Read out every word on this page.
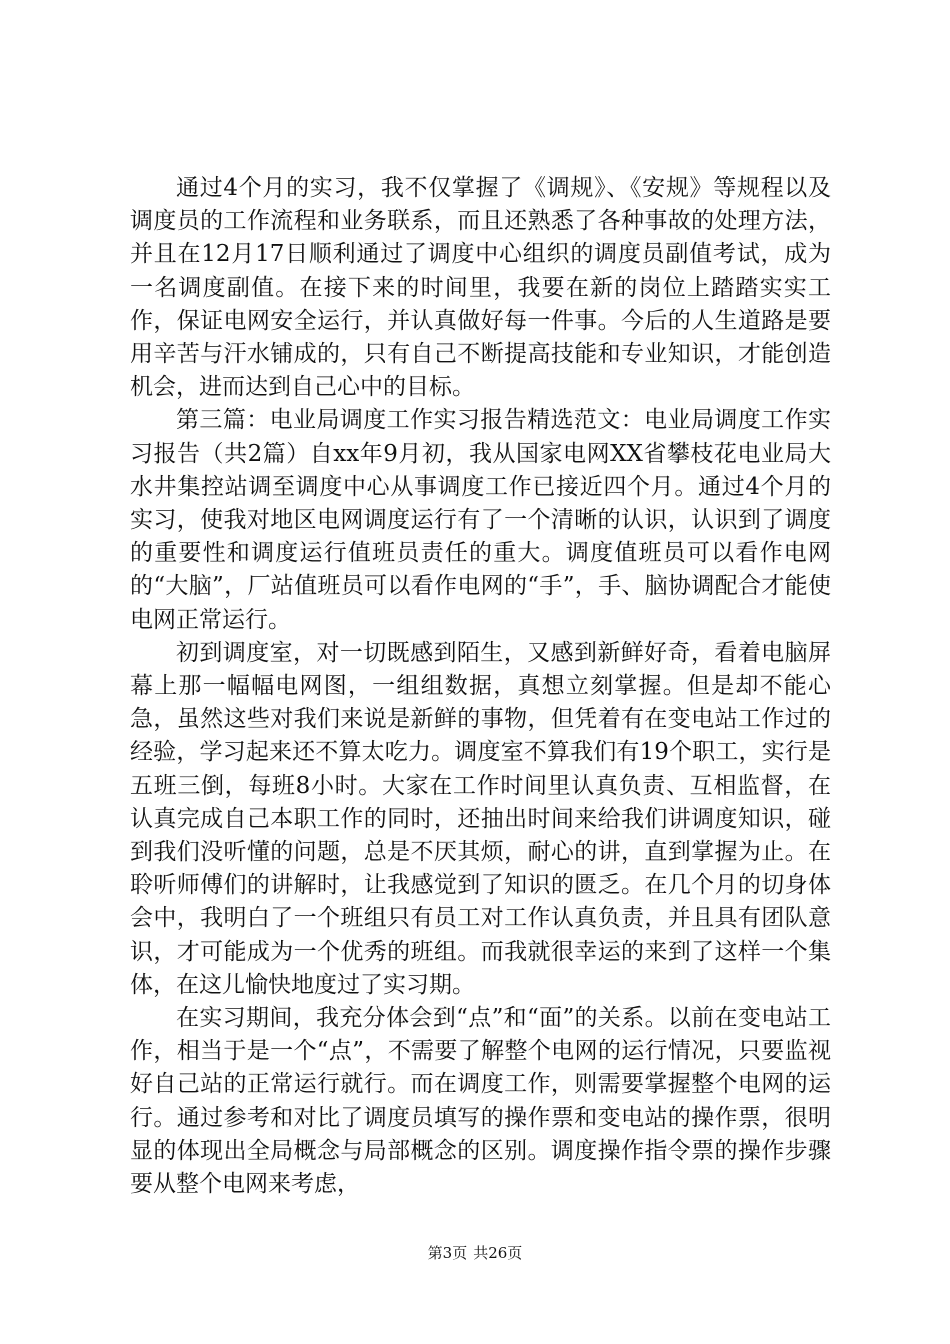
通过4个月的实习，我不仅掌握了《调规》、《安规》等规程以及调度员的工作流程和业务联系，而且还熟悉了各种事故的处理方法，并且在12月17日顺利通过了调度中心组织的调度员副值考试，成为一名调度副值。在接下来的时间里，我要在新的岗位上踏踏实实工作，保证电网安全运行，并认真做好每一件事。今后的人生道路是要用辛苦与汗水铺成的，只有自己不断提高技能和专业知识，才能创造机会，进而达到自己心中的目标。

第三篇：电业局调度工作实习报告精选范文：电业局调度工作实习报告（共2篇）自xx年9月初，我从国家电网XX省攀枝花电业局大水井集控站调至调度中心从事调度工作已接近四个月。通过4个月的实习，使我对地区电网调度运行有了一个清晰的认识，认识到了调度的重要性和调度运行值班员责任的重大。调度值班员可以看作电网的“大脑”，厂站值班员可以看作电网的“手”，手、脑协调配合才能使电网正常运行。

初到调度室，对一切既感到陌生，又感到新鲜好奇，看着电脑屏幕上那一幅幅电网图，一组组数据，真想立刻掌握。但是却不能心急，虽然这些对我们来说是新鲜的事物，但凭着有在变电站工作过的经验，学习起来还不算太吃力。调度室不算我们有19个职工，实行是五班三倒，每班8小时。大家在工作时间里认真负责、互相监督，在认真完成自己本职工作的同时，还抽出时间来给我们讲调度知识，碰到我们没听懂的问题，总是不厌其烦，耐心的讲，直到掌握为止。在聆听师傅们的讲解时，让我感觉到了知识的匮乏。在几个月的切身体会中，我明白了一个班组只有员工对工作认真负责，并且具有团队意识，才可能成为一个优秀的班组。而我就很幸运的来到了这样一个集体，在这儿愉快地度过了实习期。

在实习期间，我充分体会到“点”和“面”的关系。以前在变电站工作，相当于是一个“点”，不需要了解整个电网的运行情况，只要监视好自己站的正常运行就行。而在调度工作，则需要掌握整个电网的运行。通过参考和对比了调度员填写的操作票和变电站的操作票，很明显的体现出全局概念与局部概念的区别。调度操作指令票的操作步骤要从整个电网来考虑，

第3页 共26页
